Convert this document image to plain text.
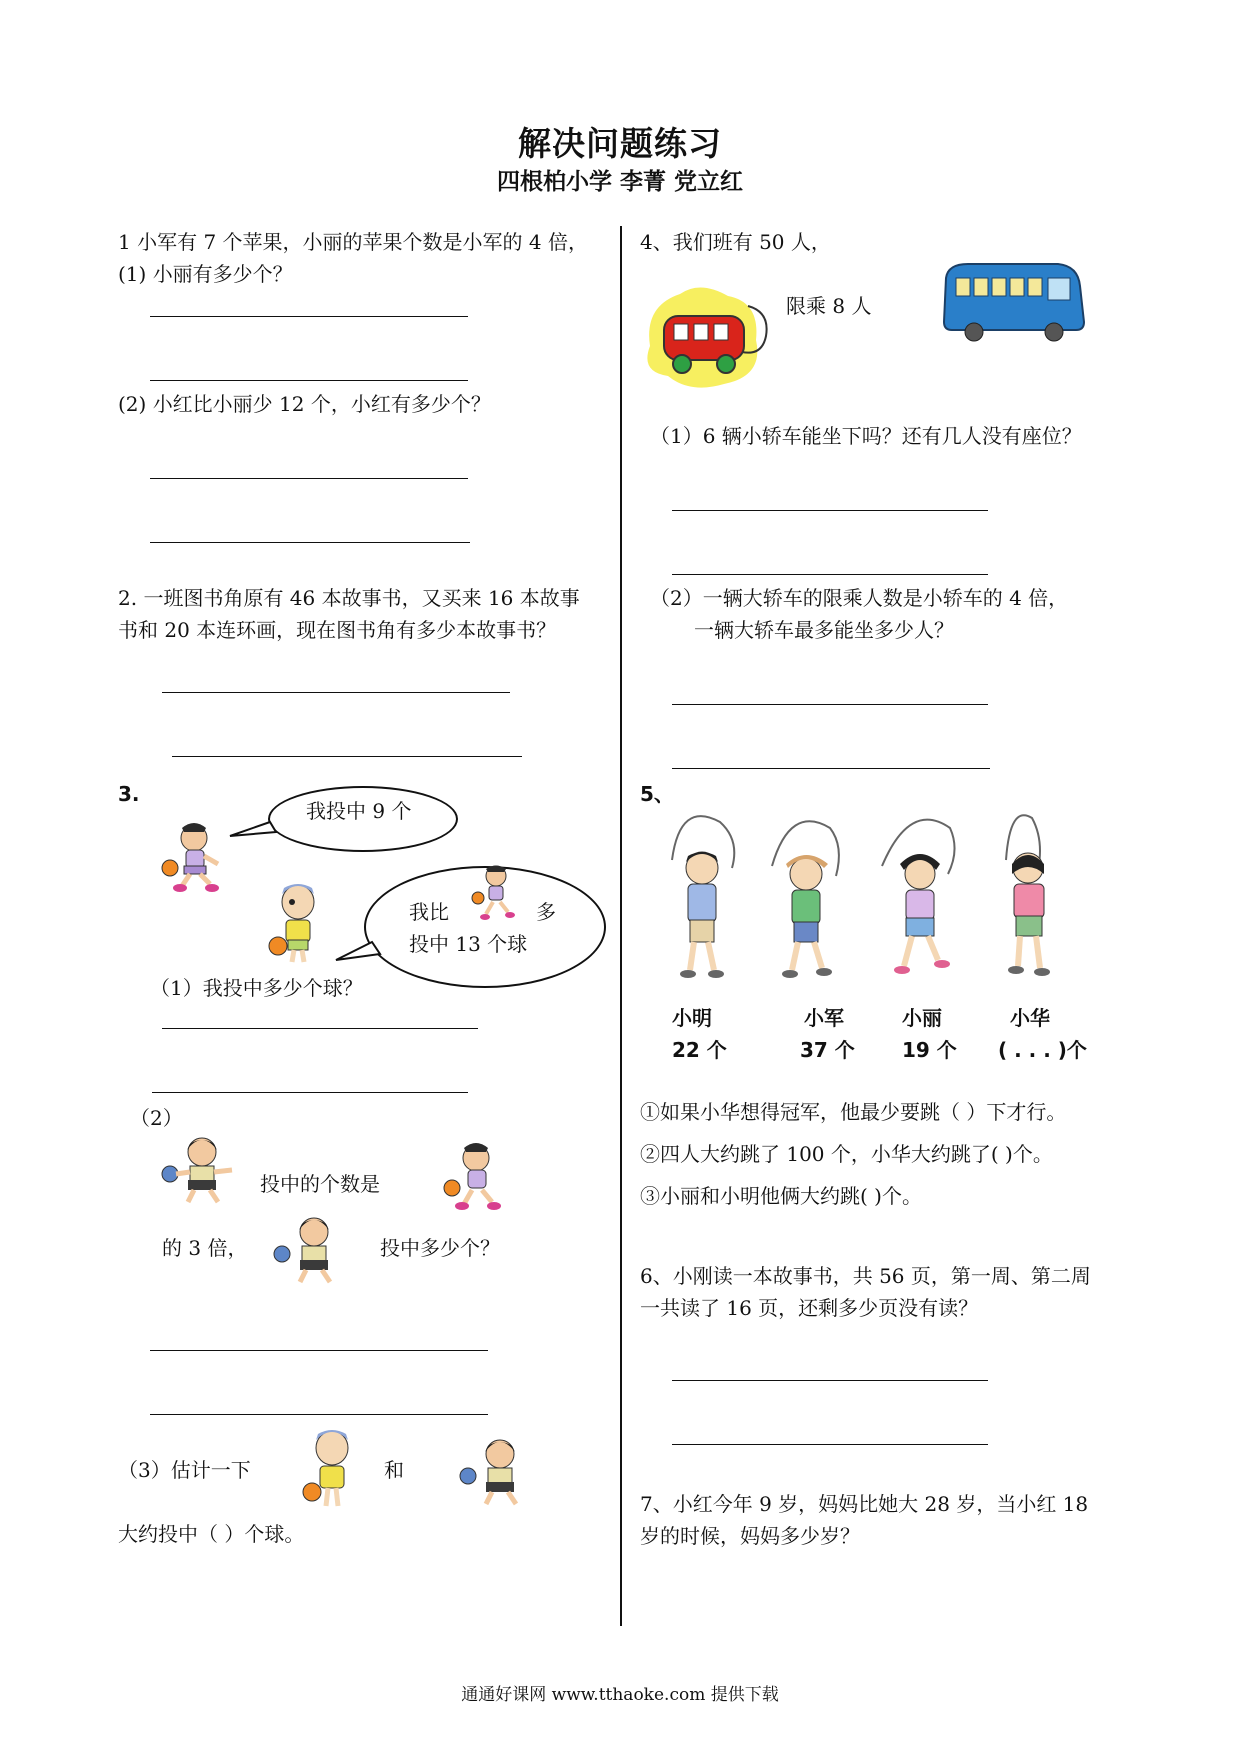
解决问题练习
四根柏小学 李菁 党立红
1 小军有 7 个苹果，小丽的苹果个数是小军的 4 倍，
(1) 小丽有多少个？
(2) 小红比小丽少 12 个，小红有多少个？
2. 一班图书角原有 46 本故事书，又买来 16 本故事
书和 20 本连环画，现在图书角有多少本故事书？
3.
我投中 9 个
我比	多
投中 13 个球
（1）我投中多少个球？
（2）
投中的个数是
的 3 倍，	投中多少个？
（3）估计一下	和
大约投中（ ）个球。
4、我们班有 50 人，
限乘 8 人
（1）6 辆小轿车能坐下吗？还有几人没有座位？
（2）一辆大轿车的限乘人数是小轿车的 4 倍，
一辆大轿车最多能坐多少人？
5、
小明	小军	小丽	小华
22 个	37 个 19 个 ( . . . )个
①如果小华想得冠军，他最少要跳（ ）下才行。
②四人大约跳了 100 个，小华大约跳了( )个。
③小丽和小明他俩大约跳( )个。
6、小刚读一本故事书，共 56 页，第一周、第二周
一共读了 16 页，还剩多少页没有读？
7、小红今年 9 岁，妈妈比她大 28 岁，当小红 18
岁的时候，妈妈多少岁？
通通好课网 www.tthaoke.com 提供下载
